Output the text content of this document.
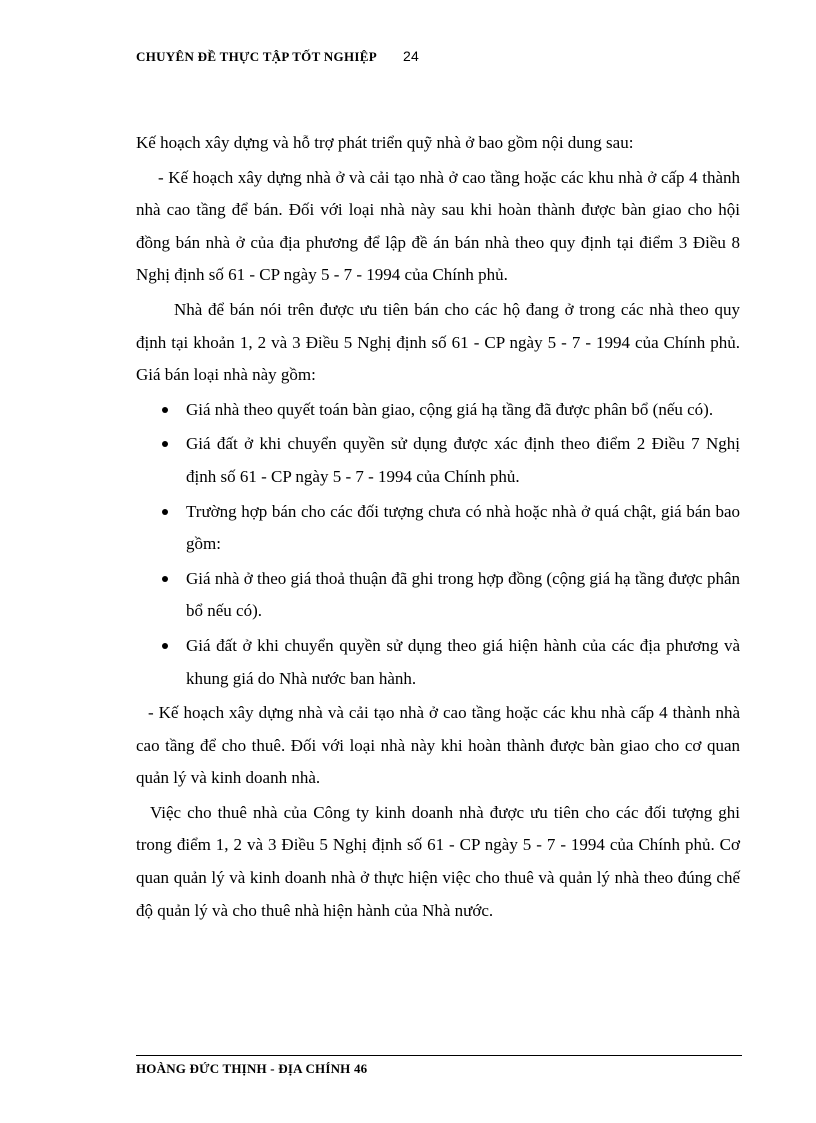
CHUYÊN ĐỀ THỰC TẬP TỐT NGHIỆP 24

Kế hoạch xây dựng và hỗ trợ phát triển quỹ nhà ở bao gồm nội dung sau:

- Kế hoạch xây dựng nhà ở và cải tạo nhà ở cao tầng hoặc các khu nhà ở cấp 4 thành nhà cao tầng để bán. Đối với loại nhà này sau khi hoàn thành được bàn giao cho hội đồng bán nhà ở của địa phương để lập đề án bán nhà theo quy định tại điểm 3 Điều 8 Nghị định số 61 - CP ngày 5 - 7 - 1994 của Chính phủ.

Nhà để bán nói trên được ưu tiên bán cho các hộ đang ở trong các nhà theo quy định tại khoản 1, 2 và 3 Điều 5 Nghị định số 61 - CP ngày 5 - 7 - 1994 của Chính phủ. Giá bán loại nhà này gồm:

Giá nhà theo quyết toán bàn giao, cộng giá hạ tầng đã được phân bổ (nếu có).
Giá đất ở khi chuyển quyền sử dụng được xác định theo điểm 2 Điều 7 Nghị định số 61 - CP ngày 5 - 7 - 1994 của Chính phủ.
Trường hợp bán cho các đối tượng chưa có nhà hoặc nhà ở quá chật, giá bán bao gồm:
Giá nhà ở theo giá thoả thuận đã ghi trong hợp đồng (cộng giá hạ tầng được phân bổ nếu có).
Giá đất ở khi chuyển quyền sử dụng theo giá hiện hành của các địa phương và khung giá do Nhà nước ban hành.

- Kế hoạch xây dựng nhà và cải tạo nhà ở cao tầng hoặc các khu nhà cấp 4 thành nhà cao tầng để cho thuê. Đối với loại nhà này khi hoàn thành được bàn giao cho cơ quan quản lý và kinh doanh nhà.

Việc cho thuê nhà của Công ty kinh doanh nhà được ưu tiên cho các đối tượng ghi trong điểm 1, 2 và 3 Điều 5 Nghị định số 61 - CP ngày 5 - 7 - 1994 của Chính phủ. Cơ quan quản lý và kinh doanh nhà ở thực hiện việc cho thuê và quản lý nhà theo đúng chế độ quản lý và cho thuê nhà hiện hành của Nhà nước.

HOÀNG ĐỨC THỊNH - ĐỊA CHÍNH 46
